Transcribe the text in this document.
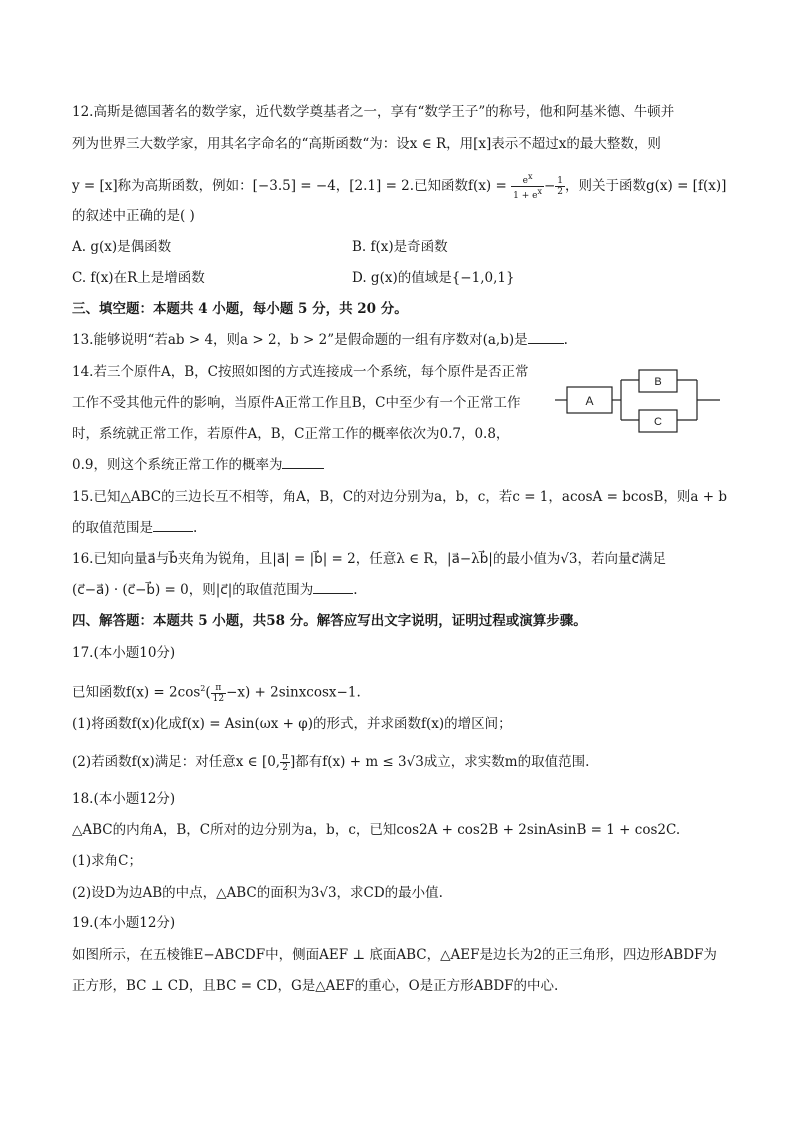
12.高斯是德国著名的数学家，近代数学奠基者之一，享有“数学王子”的称号，他和阿基米德、牛顿并
列为世界三大数学家，用其名字命名的“高斯函数“为：设x ∈ R，用[x]表示不超过x的最大整数，则
y = [x]称为高斯函数，例如：[−3.5] = −4，[2.1] = 2.已知函数$f(x) = \frac{e^x}{1 + e^x} - \frac{1}{2}$ ，则关于函数g(x) = [f(x)]
的叙述中正确的是( )
A. g(x)是偶函数	B. f(x)是奇函数
C. f(x)在R上是增函数	D. g(x)的值域是{−1,0,1}
三、填空题：本题共 4 小题，每小题 5 分，共 20 分。
13.能够说明“若ab > 4，则a > 2，b > 2”是假命题的一组有序数对(a,b)是	.
14.若三个原件A，B，C按照如图的方式连接成一个系统，每个原件是否正常
工作不受其他元件的影响，当原件A正常工作且B，C中至少有一个正常工作
时，系统就正常工作，若原件A，B，C正常工作的概率依次为0.7，0.8，
0.9，则这个系统正常工作的概率为
A
B
C
15.已知△ABC的三边长互不相等，角A，B，C的对边分别为a，b，c，若c = 1，acosA = bcosB，则a + b
的取值范围是	.
16.已知向量a⃗与b⃗夹角为锐角，且|a⃗| = |b⃗| = 2，任意λ ∈ R，|a⃗−λb⃗|的最小值为√3，若向量c⃗满足
(c⃗−a⃗) · (c⃗−b⃗) = 0，则|c⃗|的取值范围为	.
四、解答题：本题共 5 小题，共58 分。解答应写出文字说明，证明过程或演算步骤。
17.(本小题10分)
已知函数$f(x) = 2\cos^2( \frac{\pi}{12} -x)$ + 2sinxcosx−1.
(1)将函数f(x)化成f(x) = Asin(ωx + φ)的形式，并求函数f(x)的增区间；
(2)若函数f(x)满足：对任意x ∈ [0, $\frac{\pi}{2}$ ]都有f(x) + m ≤ 3√3成立，求实数m的取值范围.
18.(本小题12分)
△ABC的内角A，B，C所对的边分别为a，b，c，已知cos2A + cos2B + 2sinAsinB = 1 + cos2C.
(1)求角C；
(2)设D为边AB的中点，△ABC的面积为3√3，求CD的最小值.
19.(本小题12分)
如图所示，在五棱锥E−ABCDF中，侧面AEF ⊥ 底面ABC，△AEF是边长为2的正三角形，四边形ABDF为
正方形，BC ⊥ CD，且BC = CD，G是△AEF的重心，O是正方形ABDF的中心.
